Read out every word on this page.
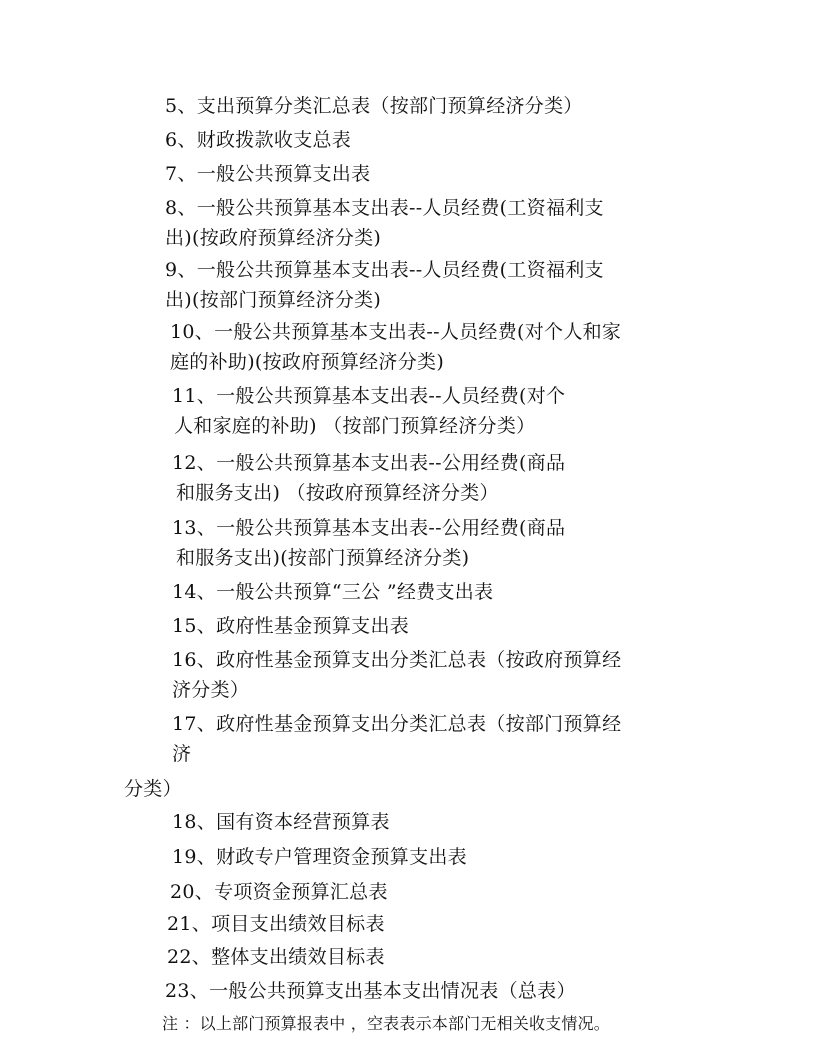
5、支出预算分类汇总表（按部门预算经济分类）
6、财政拨款收支总表
7、一般公共预算支出表
8、一般公共预算基本支出表--人员经费(工资福利支
出)(按政府预算经济分类)
9、一般公共预算基本支出表--人员经费(工资福利支
出)(按部门预算经济分类)
10、一般公共预算基本支出表--人员经费(对个人和家
庭的补助)(按政府预算经济分类)
11、一般公共预算基本支出表--人员经费(对个
人和家庭的补助) （按部门预算经济分类）
12、一般公共预算基本支出表--公用经费(商品
和服务支出) （按政府预算经济分类）
13、一般公共预算基本支出表--公用经费(商品
和服务支出)(按部门预算经济分类)
14、一般公共预算“三公 ”经费支出表
15、政府性基金预算支出表
16、政府性基金预算支出分类汇总表（按政府预算经
济分类）
17、政府性基金预算支出分类汇总表（按部门预算经
济
分类）
18、国有资本经营预算表
19、财政专户管理资金预算支出表
20、专项资金预算汇总表
21、项目支出绩效目标表
22、整体支出绩效目标表
23、一般公共预算支出基本支出情况表（总表）
注 ：以上部门预算报表中 ，空表表示本部门无相关收支情况。
